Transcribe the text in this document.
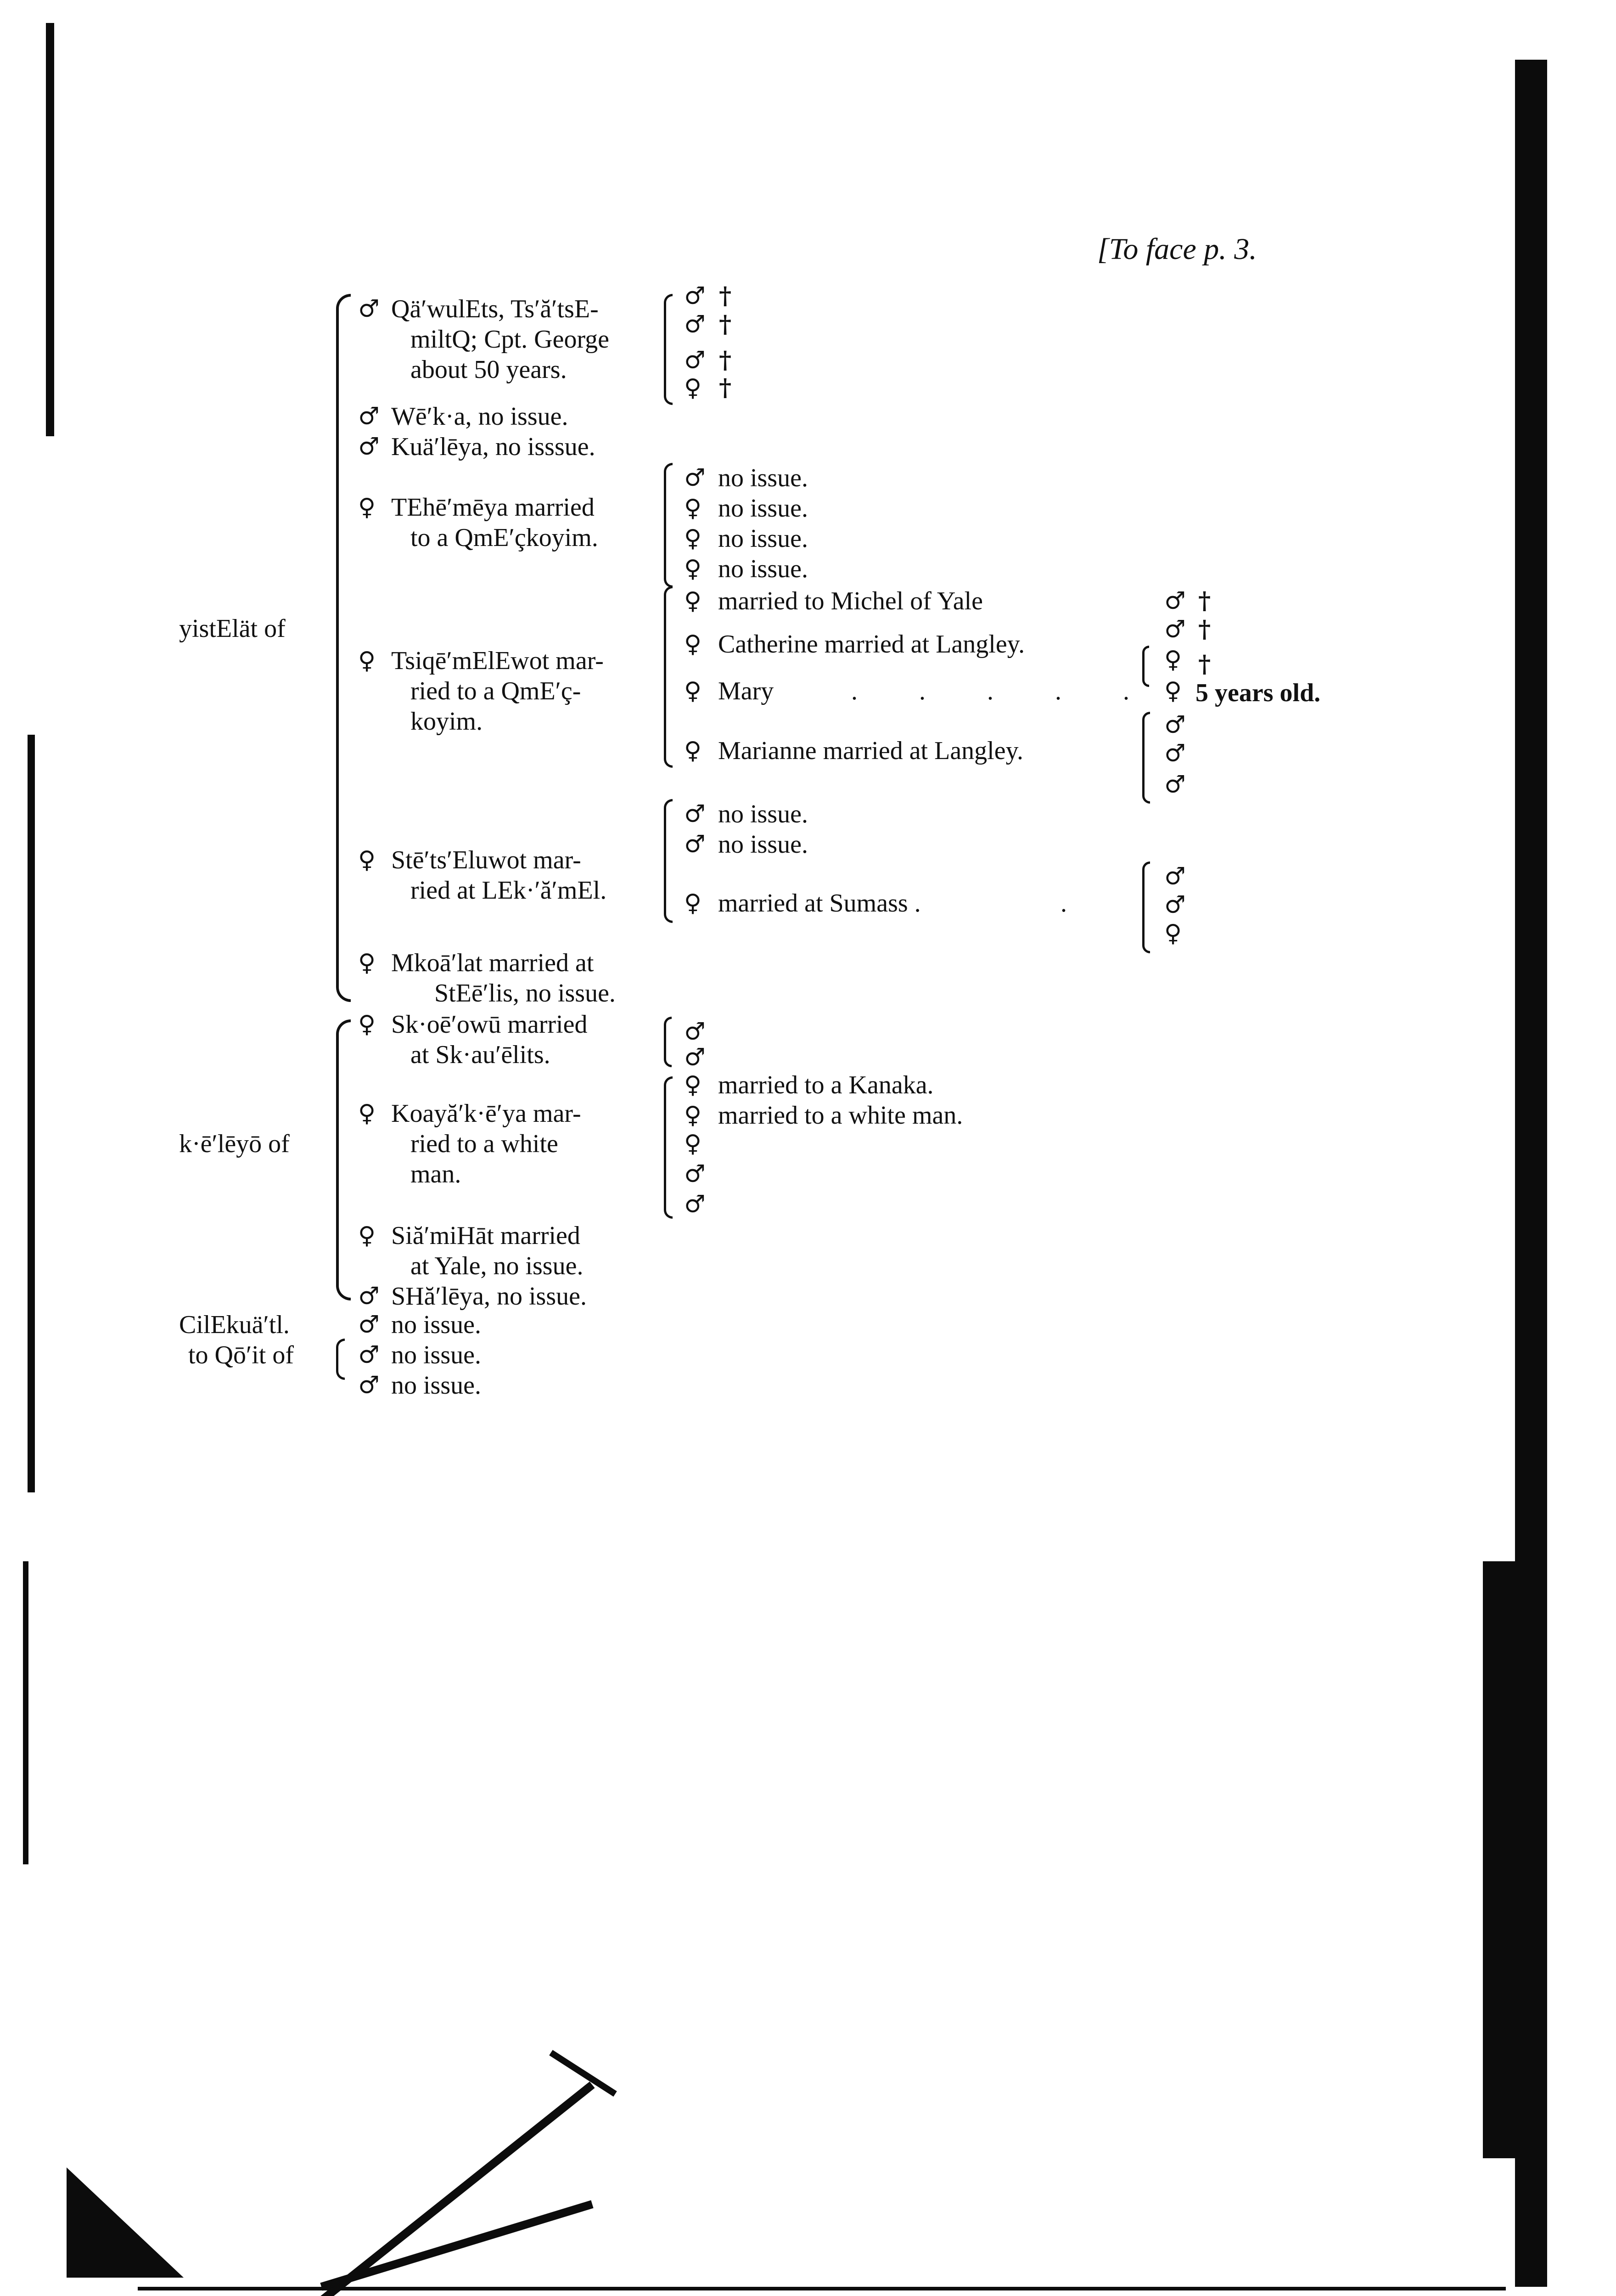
[To face p. 3.
yistElät of
k·ē′lēyō of
CilEkuä′tl.
to Qō′it of
♂
♂
♂
♀
♀
♀
♀
♀
♀
♀
♂
♂
♂
♂
Qä′wulEts, Ts′ă′tsE-
miltQ; Cpt. George
about 50 years.
Wē′k·a, no issue.
Kuä′lēya, no isssue.
TEhē′mēya married
to a QmE′çkoyim.
Tsiqē′mElEwot mar-
ried to a QmE′ç-
koyim.
Stē′ts′Eluwot mar-
ried at LEk·′ă′mEl.
Mkoā′lat married at
StEē′lis, no issue.
Sk·oē′owū married
at Sk·au′ēlits.
Koayă′k·ē′ya mar-
ried to a white
man.
Siă′miHāt married
at Yale, no issue.
SHă′lēya, no issue.
no issue.
no issue.
no issue.
♂ †
♂ †
♂ †
♀ †
♂
♀
♀
♀
♀
♀
♀
♀
♂
♂
♀
♂
♂
♀
♀
♀
♂
♂
no issue.
no issue.
no issue.
no issue.
married to Michel of Yale
Catherine married at Langley.
Mary	. . . . .
Marianne married at Langley.
no issue.
no issue.
married at Sumass .	.
married to a Kanaka.
married to a white man.
♂ †
♂ †
♀ †
♀ 5 years old.
♂
♂
♂
♂
♂
♀
